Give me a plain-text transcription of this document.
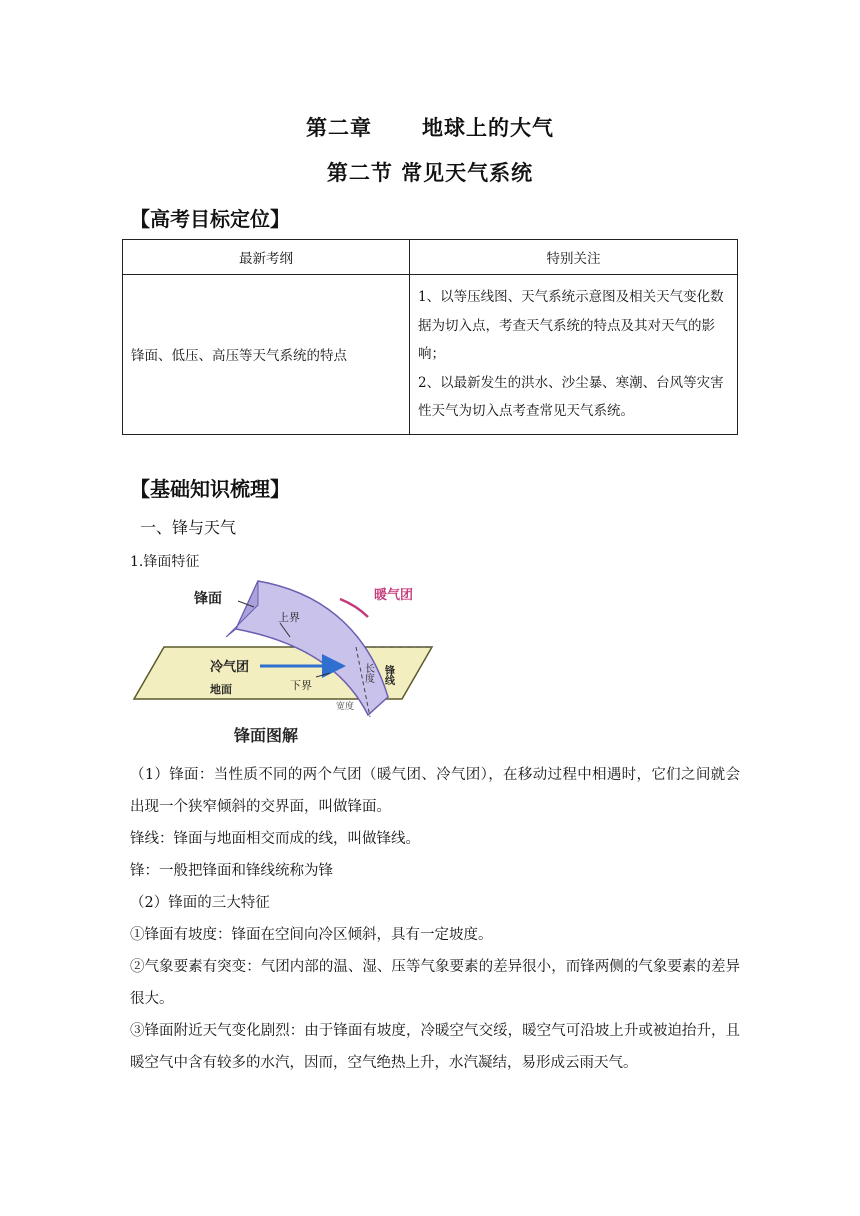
第二章 地球上的大气
第二节 常见天气系统
【高考目标定位】
最新考纲	特别关注
锋面、低压、高压等天气系统的特点	1、以等压线图、天气系统示意图及相关天气变化数据为切入点，考查天气系统的特点及其对天气的影响；
2、以最新发生的洪水、沙尘暴、寒潮、台风等灾害性天气为切入点考查常见天气系统。
【基础知识梳理】
一、锋与天气
1.锋面特征
锋面	暖气团
上界
冷气团
下界
地面
长度 锋线
宽度
锋面图解

（1）锋面：当性质不同的两个气团（暖气团、冷气团），在移动过程中相遇时，它们之间就会出现一个狭窄倾斜的交界面，叫做锋面。

锋线：锋面与地面相交而成的线，叫做锋线。

锋：一般把锋面和锋线统称为锋

（2）锋面的三大特征

①锋面有坡度：锋面在空间向冷区倾斜，具有一定坡度。

②气象要素有突变：气团内部的温、湿、压等气象要素的差异很小，而锋两侧的气象要素的差异很大。

③锋面附近天气变化剧烈：由于锋面有坡度，冷暖空气交绥，暖空气可沿坡上升或被迫抬升，且暖空气中含有较多的水汽，因而，空气绝热上升，水汽凝结，易形成云雨天气。
